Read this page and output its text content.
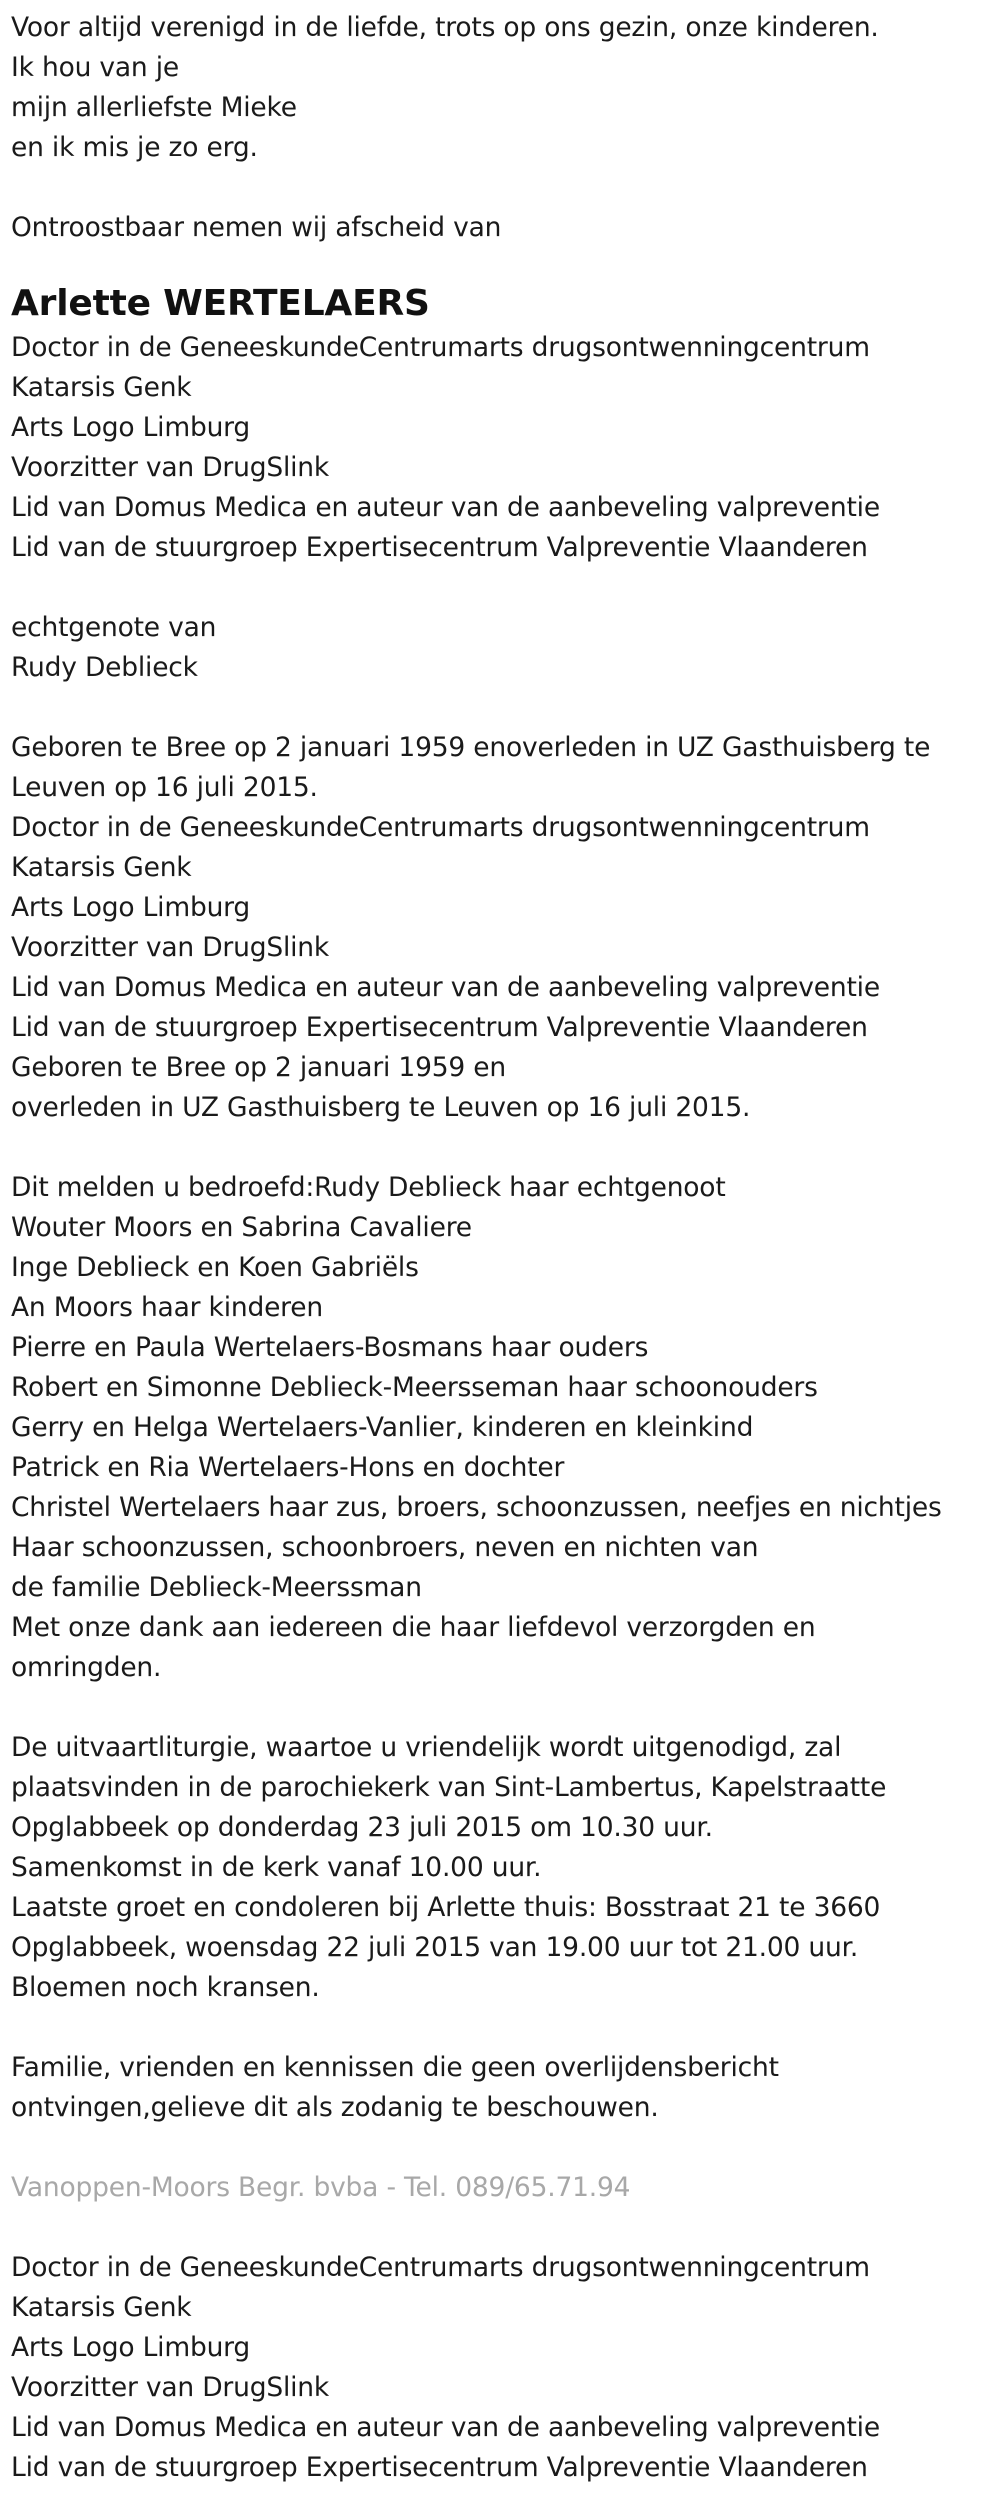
Voor altijd verenigd in de liefde, trots op ons gezin, onze kinderen.
Ik hou van je
mijn allerliefste Mieke
en ik mis je zo erg.
Ontroostbaar nemen wij afscheid van
Arlette WERTELAERS
Doctor in de GeneeskundeCentrumarts drugsontwenningcentrum
Katarsis Genk
Arts Logo Limburg
Voorzitter van DrugSlink
Lid van Domus Medica en auteur van de aanbeveling valpreventie
Lid van de stuurgroep Expertisecentrum Valpreventie Vlaanderen
echtgenote van
Rudy Deblieck
Geboren te Bree op 2 januari 1959 enoverleden in UZ Gasthuisberg te
Leuven op 16 juli 2015.
Doctor in de GeneeskundeCentrumarts drugsontwenningcentrum
Katarsis Genk
Arts Logo Limburg
Voorzitter van DrugSlink
Lid van Domus Medica en auteur van de aanbeveling valpreventie
Lid van de stuurgroep Expertisecentrum Valpreventie Vlaanderen
Geboren te Bree op 2 januari 1959 en
overleden in UZ Gasthuisberg te Leuven op 16 juli 2015.
Dit melden u bedroefd:Rudy Deblieck haar echtgenoot
Wouter Moors en Sabrina Cavaliere
Inge Deblieck en Koen Gabriëls
An Moors haar kinderen
Pierre en Paula Wertelaers-Bosmans haar ouders
Robert en Simonne Deblieck-Meersseman haar schoonouders
Gerry en Helga Wertelaers-Vanlier, kinderen en kleinkind
Patrick en Ria Wertelaers-Hons en dochter
Christel Wertelaers haar zus, broers, schoonzussen, neefjes en nichtjes
Haar schoonzussen, schoonbroers, neven en nichten van
de familie Deblieck-Meerssman
Met onze dank aan iedereen die haar liefdevol verzorgden en
omringden.
De uitvaartliturgie, waartoe u vriendelijk wordt uitgenodigd, zal
plaatsvinden in de parochiekerk van Sint-Lambertus, Kapelstraatte
Opglabbeek op donderdag 23 juli 2015 om 10.30 uur.
Samenkomst in de kerk vanaf 10.00 uur.
Laatste groet en condoleren bij Arlette thuis: Bosstraat 21 te 3660
Opglabbeek, woensdag 22 juli 2015 van 19.00 uur tot 21.00 uur.
Bloemen noch kransen.
Familie, vrienden en kennissen die geen overlijdensbericht
ontvingen,gelieve dit als zodanig te beschouwen.
Vanoppen-Moors Begr. bvba - Tel. 089/65.71.94
Doctor in de GeneeskundeCentrumarts drugsontwenningcentrum
Katarsis Genk
Arts Logo Limburg
Voorzitter van DrugSlink
Lid van Domus Medica en auteur van de aanbeveling valpreventie
Lid van de stuurgroep Expertisecentrum Valpreventie Vlaanderen
